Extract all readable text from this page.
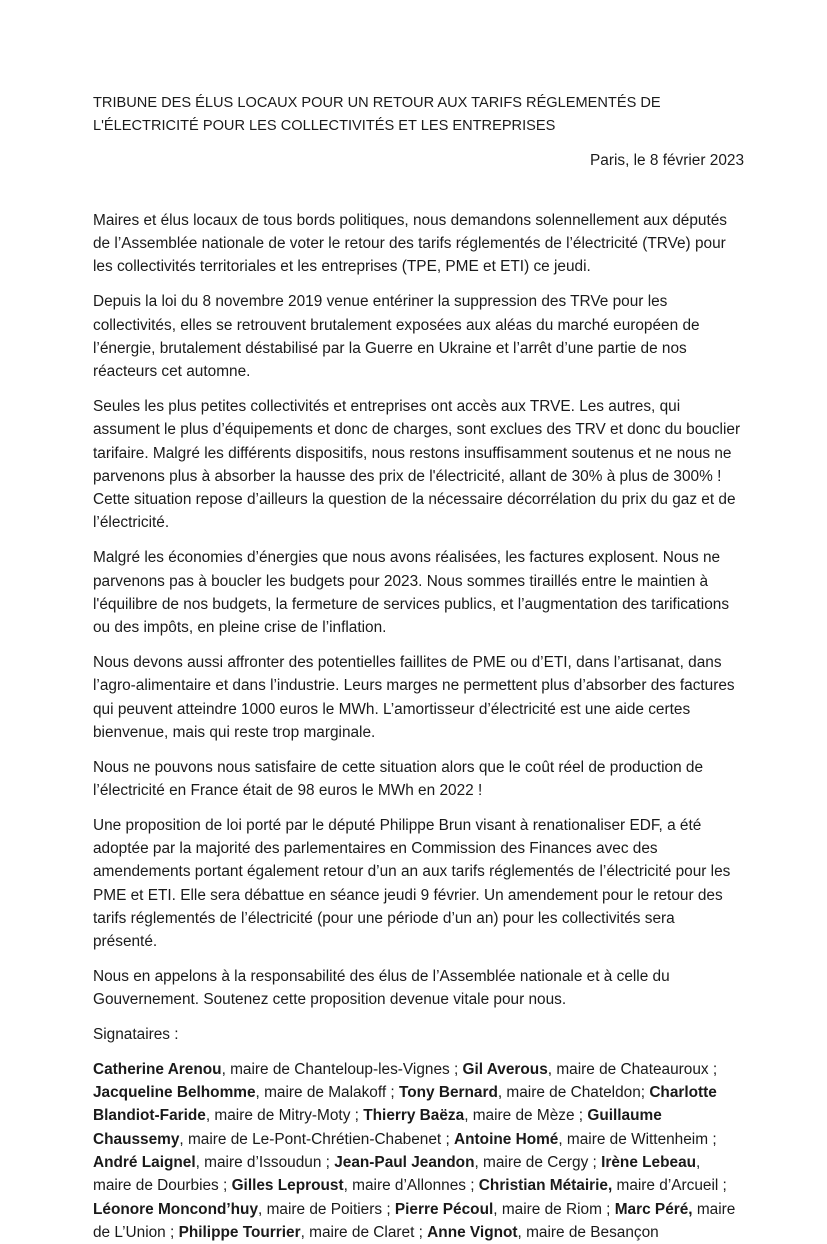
TRIBUNE DES ÉLUS LOCAUX POUR UN RETOUR AUX TARIFS RÉGLEMENTÉS DE L'ÉLECTRICITÉ POUR LES COLLECTIVITÉS ET LES ENTREPRISES
Paris, le 8 février 2023

Maires et élus locaux de tous bords politiques, nous demandons solennellement aux députés de l’Assemblée nationale de voter le retour des tarifs réglementés de l’électricité (TRVe) pour les collectivités territoriales et les entreprises (TPE, PME et ETI) ce jeudi.

Depuis la loi du 8 novembre 2019 venue entériner la suppression des TRVe pour les collectivités, elles se retrouvent brutalement exposées aux aléas du marché européen de l’énergie, brutalement déstabilisé par la Guerre en Ukraine et l’arrêt d’une partie de nos réacteurs cet automne.

Seules les plus petites collectivités et entreprises ont accès aux TRVE. Les autres, qui assument le plus d’équipements et donc de charges, sont exclues des TRV et donc du bouclier tarifaire. Malgré les différents dispositifs, nous restons insuffisamment soutenus et ne nous ne parvenons plus à absorber la hausse des prix de l'électricité, allant de 30% à plus de 300% ! Cette situation repose d’ailleurs la question de la nécessaire décorrélation du prix du gaz et de l’électricité.

Malgré les économies d’énergies que nous avons réalisées, les factures explosent. Nous ne parvenons pas à boucler les budgets pour 2023. Nous sommes tiraillés entre le maintien à l'équilibre de nos budgets, la fermeture de services publics, et l’augmentation des tarifications ou des impôts, en pleine crise de l’inflation.

Nous devons aussi affronter des potentielles faillites de PME ou d’ETI, dans l’artisanat, dans l’agro-alimentaire et dans l’industrie. Leurs marges ne permettent plus d’absorber des factures qui peuvent atteindre 1000 euros le MWh. L’amortisseur d’électricité est une aide certes bienvenue, mais qui reste trop marginale.

Nous ne pouvons nous satisfaire de cette situation alors que le coût réel de production de l’électricité en France était de 98 euros le MWh en 2022 !

Une proposition de loi porté par le député Philippe Brun visant à renationaliser EDF, a été adoptée par la majorité des parlementaires en Commission des Finances avec des amendements portant également retour d’un an aux tarifs réglementés de l’électricité pour les PME et ETI. Elle sera débattue en séance jeudi 9 février. Un amendement pour le retour des tarifs réglementés de l’électricité (pour une période d’un an) pour les collectivités sera présenté.

Nous en appelons à la responsabilité des élus de l’Assemblée nationale et à celle du Gouvernement. Soutenez cette proposition devenue vitale pour nous.

Signataires :

Catherine Arenou, maire de Chanteloup-les-Vignes ; Gil Averous, maire de Chateauroux ; Jacqueline Belhomme, maire de Malakoff ; Tony Bernard, maire de Chateldon; Charlotte Blandiot-Faride, maire de Mitry-Moty ; Thierry Baëza, maire de Mèze ; Guillaume Chaussemy, maire de Le-Pont-Chrétien-Chabenet ; Antoine Homé, maire de Wittenheim ; André Laignel, maire d’Issoudun ; Jean-Paul Jeandon, maire de Cergy ; Irène Lebeau, maire de Dourbies ; Gilles Leproust, maire d’Allonnes ; Christian Métairie, maire d’Arcueil ; Léonore Moncond’huy, maire de Poitiers ; Pierre Pécoul, maire de Riom ; Marc Péré, maire de L’Union ; Philippe Tourrier, maire de Claret ; Anne Vignot, maire de Besançon
